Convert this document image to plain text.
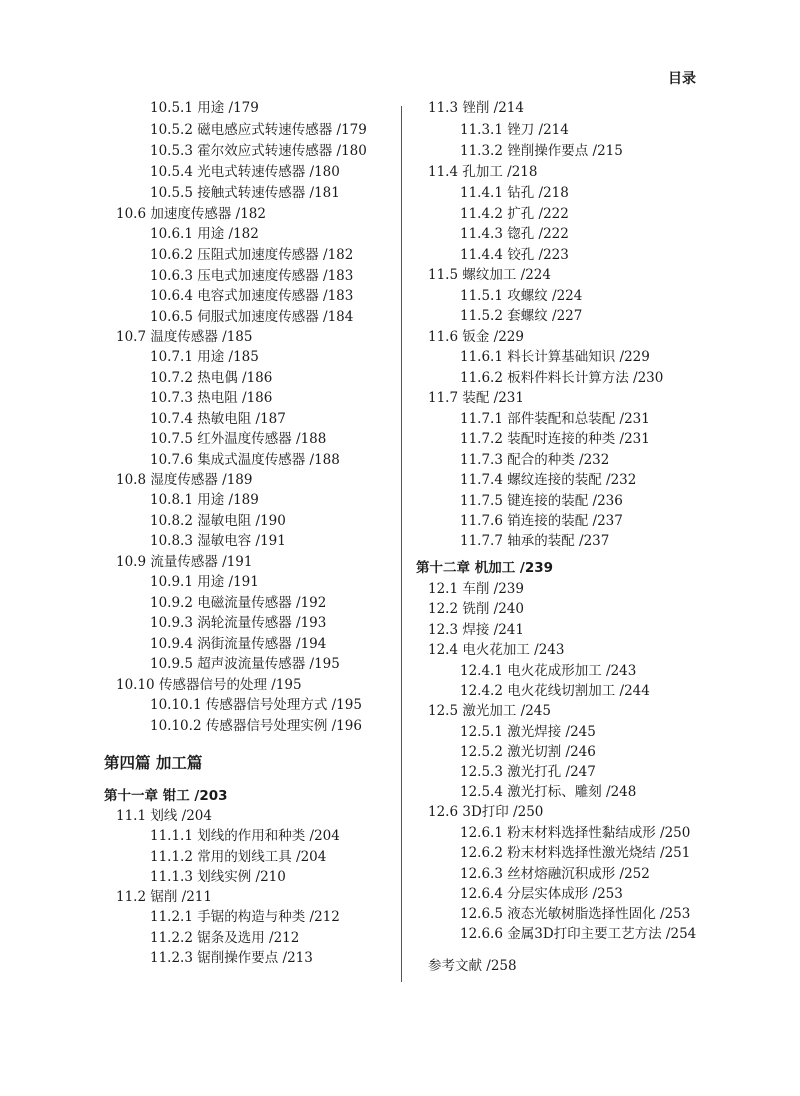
目录
10.5.1 用途 /179
10.5.2 磁电感应式转速传感器 /179
10.5.3 霍尔效应式转速传感器 /180
10.5.4 光电式转速传感器 /180
10.5.5 接触式转速传感器 /181
10.6 加速度传感器 /182
10.6.1 用途 /182
10.6.2 压阻式加速度传感器 /182
10.6.3 压电式加速度传感器 /183
10.6.4 电容式加速度传感器 /183
10.6.5 伺服式加速度传感器 /184
10.7 温度传感器 /185
10.7.1 用途 /185
10.7.2 热电偶 /186
10.7.3 热电阻 /186
10.7.4 热敏电阻 /187
10.7.5 红外温度传感器 /188
10.7.6 集成式温度传感器 /188
10.8 湿度传感器 /189
10.8.1 用途 /189
10.8.2 湿敏电阻 /190
10.8.3 湿敏电容 /191
10.9 流量传感器 /191
10.9.1 用途 /191
10.9.2 电磁流量传感器 /192
10.9.3 涡轮流量传感器 /193
10.9.4 涡街流量传感器 /194
10.9.5 超声波流量传感器 /195
10.10 传感器信号的处理 /195
10.10.1 传感器信号处理方式 /195
10.10.2 传感器信号处理实例 /196
第四篇 加工篇
第十一章 钳工 /203
11.1 划线 /204
11.1.1 划线的作用和种类 /204
11.1.2 常用的划线工具 /204
11.1.3 划线实例 /210
11.2 锯削 /211
11.2.1 手锯的构造与种类 /212
11.2.2 锯条及选用 /212
11.2.3 锯削操作要点 /213
11.3 锉削 /214
11.3.1 锉刀 /214
11.3.2 锉削操作要点 /215
11.4 孔加工 /218
11.4.1 钻孔 /218
11.4.2 扩孔 /222
11.4.3 锪孔 /222
11.4.4 铰孔 /223
11.5 螺纹加工 /224
11.5.1 攻螺纹 /224
11.5.2 套螺纹 /227
11.6 钣金 /229
11.6.1 料长计算基础知识 /229
11.6.2 板料件料长计算方法 /230
11.7 装配 /231
11.7.1 部件装配和总装配 /231
11.7.2 装配时连接的种类 /231
11.7.3 配合的种类 /232
11.7.4 螺纹连接的装配 /232
11.7.5 键连接的装配 /236
11.7.6 销连接的装配 /237
11.7.7 轴承的装配 /237
第十二章 机加工 /239
12.1 车削 /239
12.2 铣削 /240
12.3 焊接 /241
12.4 电火花加工 /243
12.4.1 电火花成形加工 /243
12.4.2 电火花线切割加工 /244
12.5 激光加工 /245
12.5.1 激光焊接 /245
12.5.2 激光切割 /246
12.5.3 激光打孔 /247
12.5.4 激光打标、雕刻 /248
12.6 3D打印 /250
12.6.1 粉末材料选择性黏结成形 /250
12.6.2 粉末材料选择性激光烧结 /251
12.6.3 丝材熔融沉积成形 /252
12.6.4 分层实体成形 /253
12.6.5 液态光敏树脂选择性固化 /253
12.6.6 金属3D打印主要工艺方法 /254
参考文献 /258
